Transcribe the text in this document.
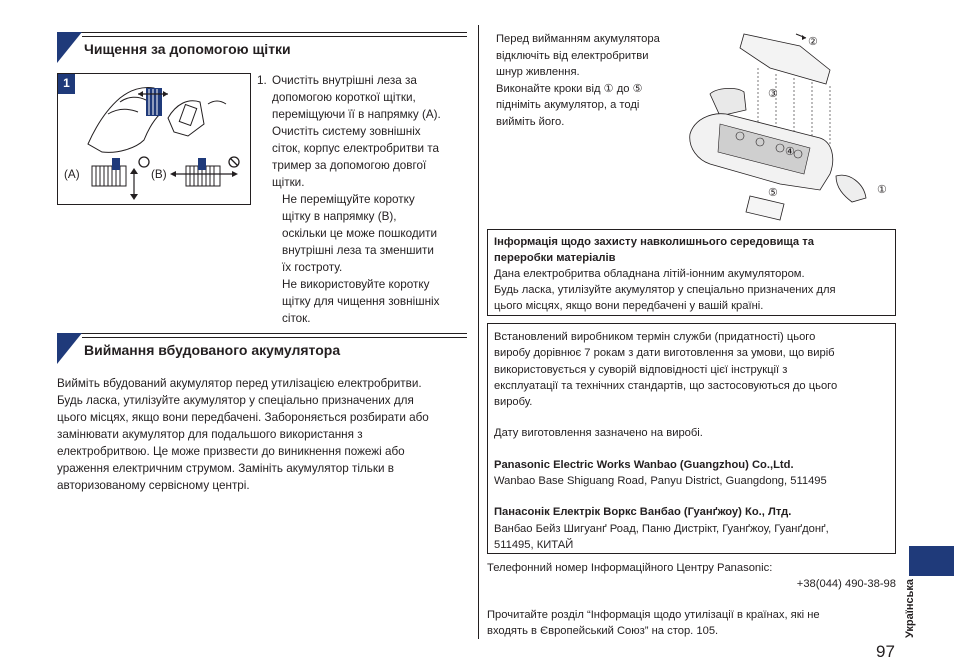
Чищення за допомогою щітки
1
(A)	(B)
1. Очистіть внутрішні леза за
допомогою короткої щітки,
переміщуючи її в напрямку (A).
Очистіть систему зовнішніх
сіток, корпус електробритви та
тример за допомогою довгої
щітки.
Не переміщуйте коротку
щітку в напрямку (B),
оскільки це може пошкодити
внутрішні леза та зменшити
їх гостроту.
Не використовуйте коротку
щітку для чищення зовнішніх
сіток.
Виймання вбудованого акумулятора
Вийміть вбудований акумулятор перед утилізацією електробритви.
Будь ласка, утилізуйте акумулятор у спеціально призначених для
цього місцях, якщо вони передбачені. Забороняється розбирати або
замінювати акумулятор для подальшого використання з
електробритвою. Це може призвести до виникнення пожежі або
ураження електричним струмом. Замініть акумулятор тільки в
авторизованому сервісному центрі.
Перед вийманням акумулятора
відключіть від електробритви
шнур живлення.
Виконайте кроки від ① до ⑤
підніміть акумулятор, а тоді
вийміть його.
②
③
④
⑤	①
Інформація щодо захисту навколишнього середовища та
переробки матеріалів
Дана електробритва обладнана літій-іонним акумулятором.
Будь ласка, утилізуйте акумулятор у спеціально призначених для
цього місцях, якщо вони передбачені у вашій країні.
Встановлений виробником термін служби (придатності) цього
виробу дорівнює 7 рокам з дати виготовлення за умови, що виріб
використовується у суворій відповідності цієї інструкції з
експлуатації та технічних стандартів, що застосовуються до цього
виробу.
Дату виготовлення зазначено на виробі.
Panasonic Electric Works Wanbao (Guangzhou) Co.,Ltd.
Wanbao Base Shiguang Road, Panyu District, Guangdong, 511495
Панасонік Електрік Воркс Ванбао (Гуанґжоу) Ко., Лтд.
Ванбао Бейз Шигуанґ Роад, Паню Дистрікт, Гуанґжоу, Гуанґдонґ,
511495, КИТАЙ
Телефонний номер Інформаційного Центру Panasonic:
+38(044) 490-38-98
Прочитайте розділ “Інформація щодо утилізації в країнах, які не
входять в Європейський Союз” на стор. 105.	Українська
97
